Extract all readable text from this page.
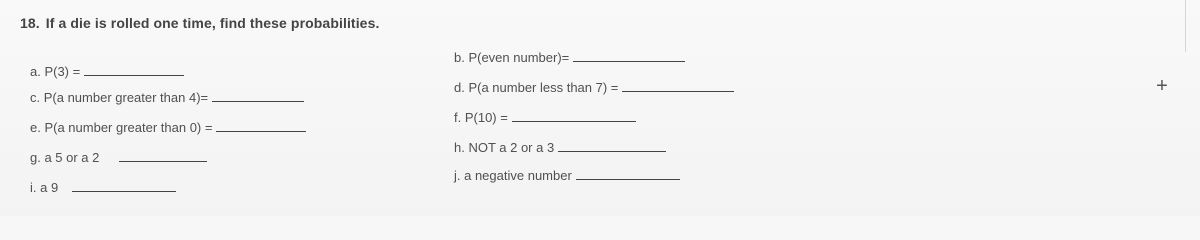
18. If a die is rolled one time, find these probabilities.
a. P(3) =
c. P(a number greater than 4)=
e. P(a number greater than 0) =
g. a 5 or a 2
i. a 9
b. P(even number)=
d. P(a number less than 7) =
f. P(10) =
h. NOT a 2 or a 3
j. a negative number
+
